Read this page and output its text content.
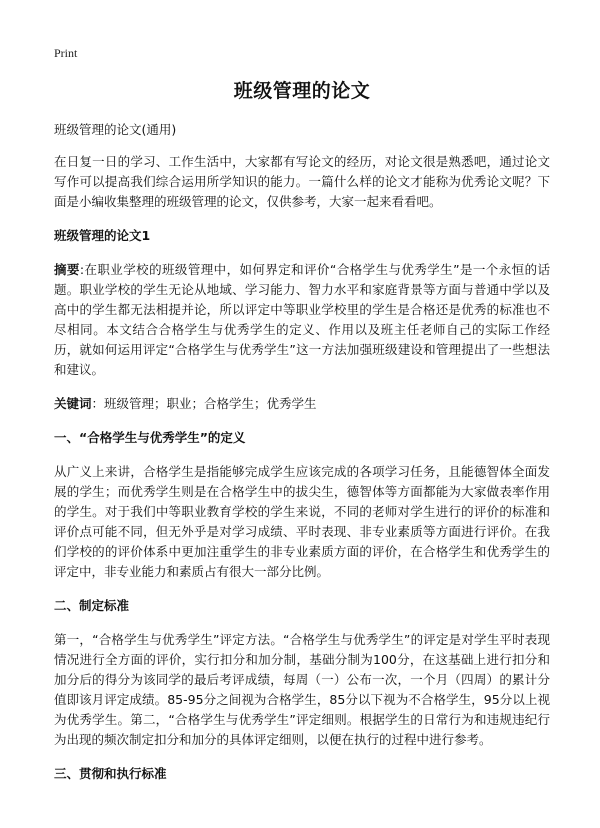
Print
班级管理的论文
班级管理的论文(通用)

在日复一日的学习、工作生活中，大家都有写论文的经历，对论文很是熟悉吧，通过论文写作可以提高我们综合运用所学知识的能力。一篇什么样的论文才能称为优秀论文呢？下面是小编收集整理的班级管理的论文，仅供参考，大家一起来看看吧。

班级管理的论文1

摘要:在职业学校的班级管理中，如何界定和评价“合格学生与优秀学生”是一个永恒的话题。职业学校的学生无论从地域、学习能力、智力水平和家庭背景等方面与普通中学以及高中的学生都无法相提并论，所以评定中等职业学校里的学生是合格还是优秀的标准也不尽相同。本文结合合格学生与优秀学生的定义、作用以及班主任老师自己的实际工作经历，就如何运用评定“合格学生与优秀学生”这一方法加强班级建设和管理提出了一些想法和建议。

关键词：班级管理；职业；合格学生；优秀学生

一、“合格学生与优秀学生”的定义

从广义上来讲，合格学生是指能够完成学生应该完成的各项学习任务，且能德智体全面发展的学生；而优秀学生则是在合格学生中的拔尖生，德智体等方面都能为大家做表率作用的学生。对于我们中等职业教育学校的学生来说，不同的老师对学生进行的评价的标准和评价点可能不同，但无外乎是对学习成绩、平时表现、非专业素质等方面进行评价。在我们学校的的评价体系中更加注重学生的非专业素质方面的评价，在合格学生和优秀学生的评定中，非专业能力和素质占有很大一部分比例。

二、制定标准

第一，“合格学生与优秀学生”评定方法。“合格学生与优秀学生”的评定是对学生平时表现情况进行全方面的评价，实行扣分和加分制，基础分制为100分，在这基础上进行扣分和加分后的得分为该同学的最后考评成绩，每周（一）公布一次，一个月（四周）的累计分值即该月评定成绩。85-95分之间视为合格学生，85分以下视为不合格学生，95分以上视为优秀学生。第二，“合格学生与优秀学生”评定细则。根据学生的日常行为和违规违纪行为出现的频次制定扣分和加分的具体评定细则，以便在执行的过程中进行参考。

三、贯彻和执行标准
